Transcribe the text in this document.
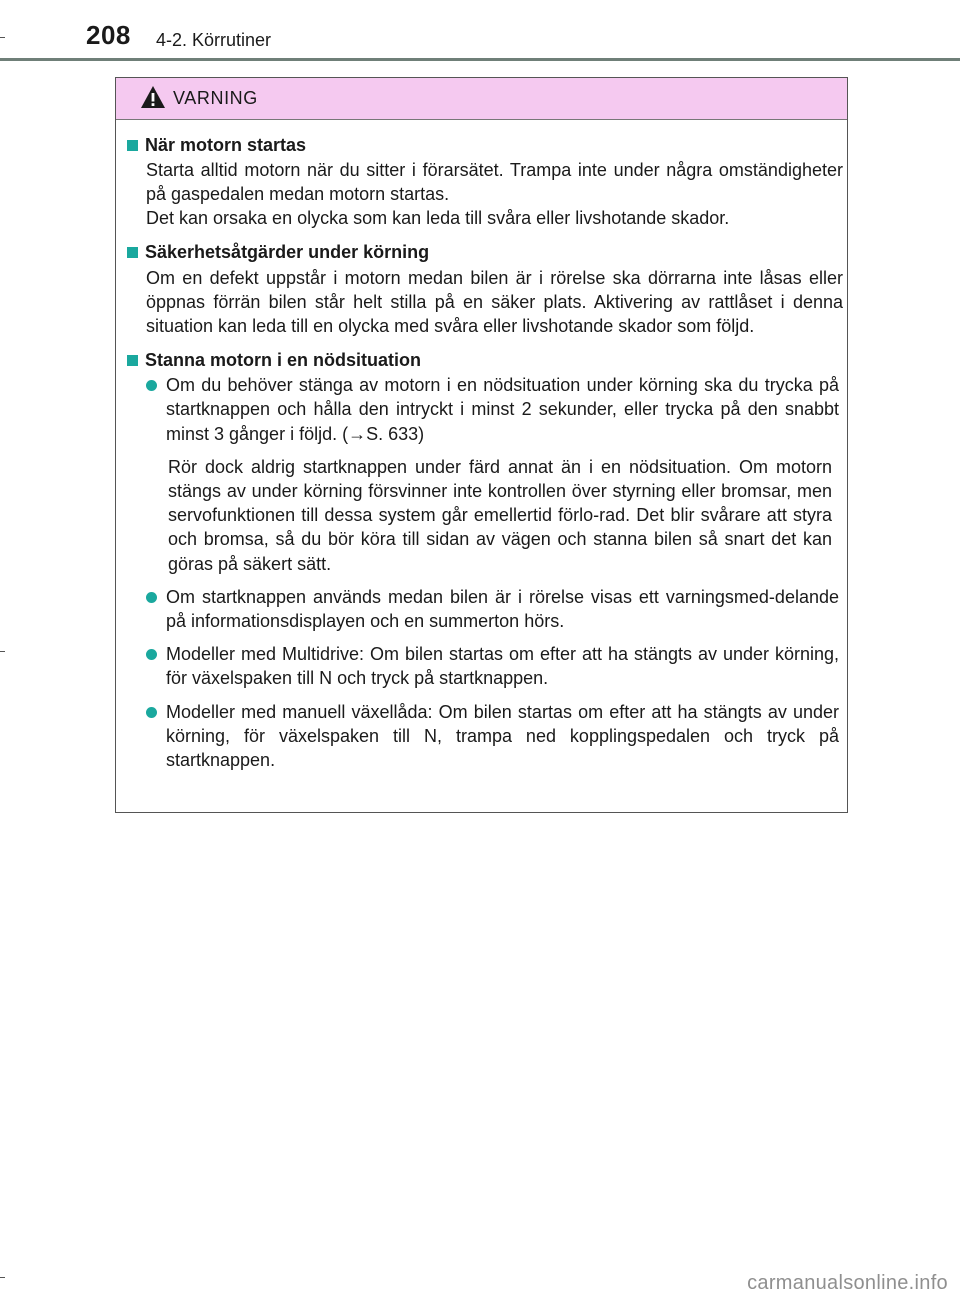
208 4-2. Körrutiner
VARNING
När motorn startas

Starta alltid motorn när du sitter i förarsätet. Trampa inte under några omständigheter på gaspedalen medan motorn startas.

Det kan orsaka en olycka som kan leda till svåra eller livshotande skador.

Säkerhetsåtgärder under körning

Om en defekt uppstår i motorn medan bilen är i rörelse ska dörrarna inte låsas eller öppnas förrän bilen står helt stilla på en säker plats. Aktivering av rattlåset i denna situation kan leda till en olycka med svåra eller livshotande skador som följd.

Stanna motorn i en nödsituation
Om du behöver stänga av motorn i en nödsituation under körning ska du trycka på startknappen och hålla den intryckt i minst 2 sekunder, eller trycka på den snabbt minst 3 gånger i följd. (→S. 633)

Rör dock aldrig startknappen under färd annat än i en nödsituation. Om motorn stängs av under körning försvinner inte kontrollen över styrning eller bromsar, men servofunktionen till dessa system går emellertid förlo-rad. Det blir svårare att styra och bromsa, så du bör köra till sidan av vägen och stanna bilen så snart det kan göras på säkert sätt.

Om startknappen används medan bilen är i rörelse visas ett varningsmed-delande på informationsdisplayen och en summerton hörs.
Modeller med Multidrive: Om bilen startas om efter att ha stängts av under körning, för växelspaken till N och tryck på startknappen.
Modeller med manuell växellåda: Om bilen startas om efter att ha stängts av under körning, för växelspaken till N, trampa ned kopplingspedalen och tryck på startknappen.
carmanualsonline.info
